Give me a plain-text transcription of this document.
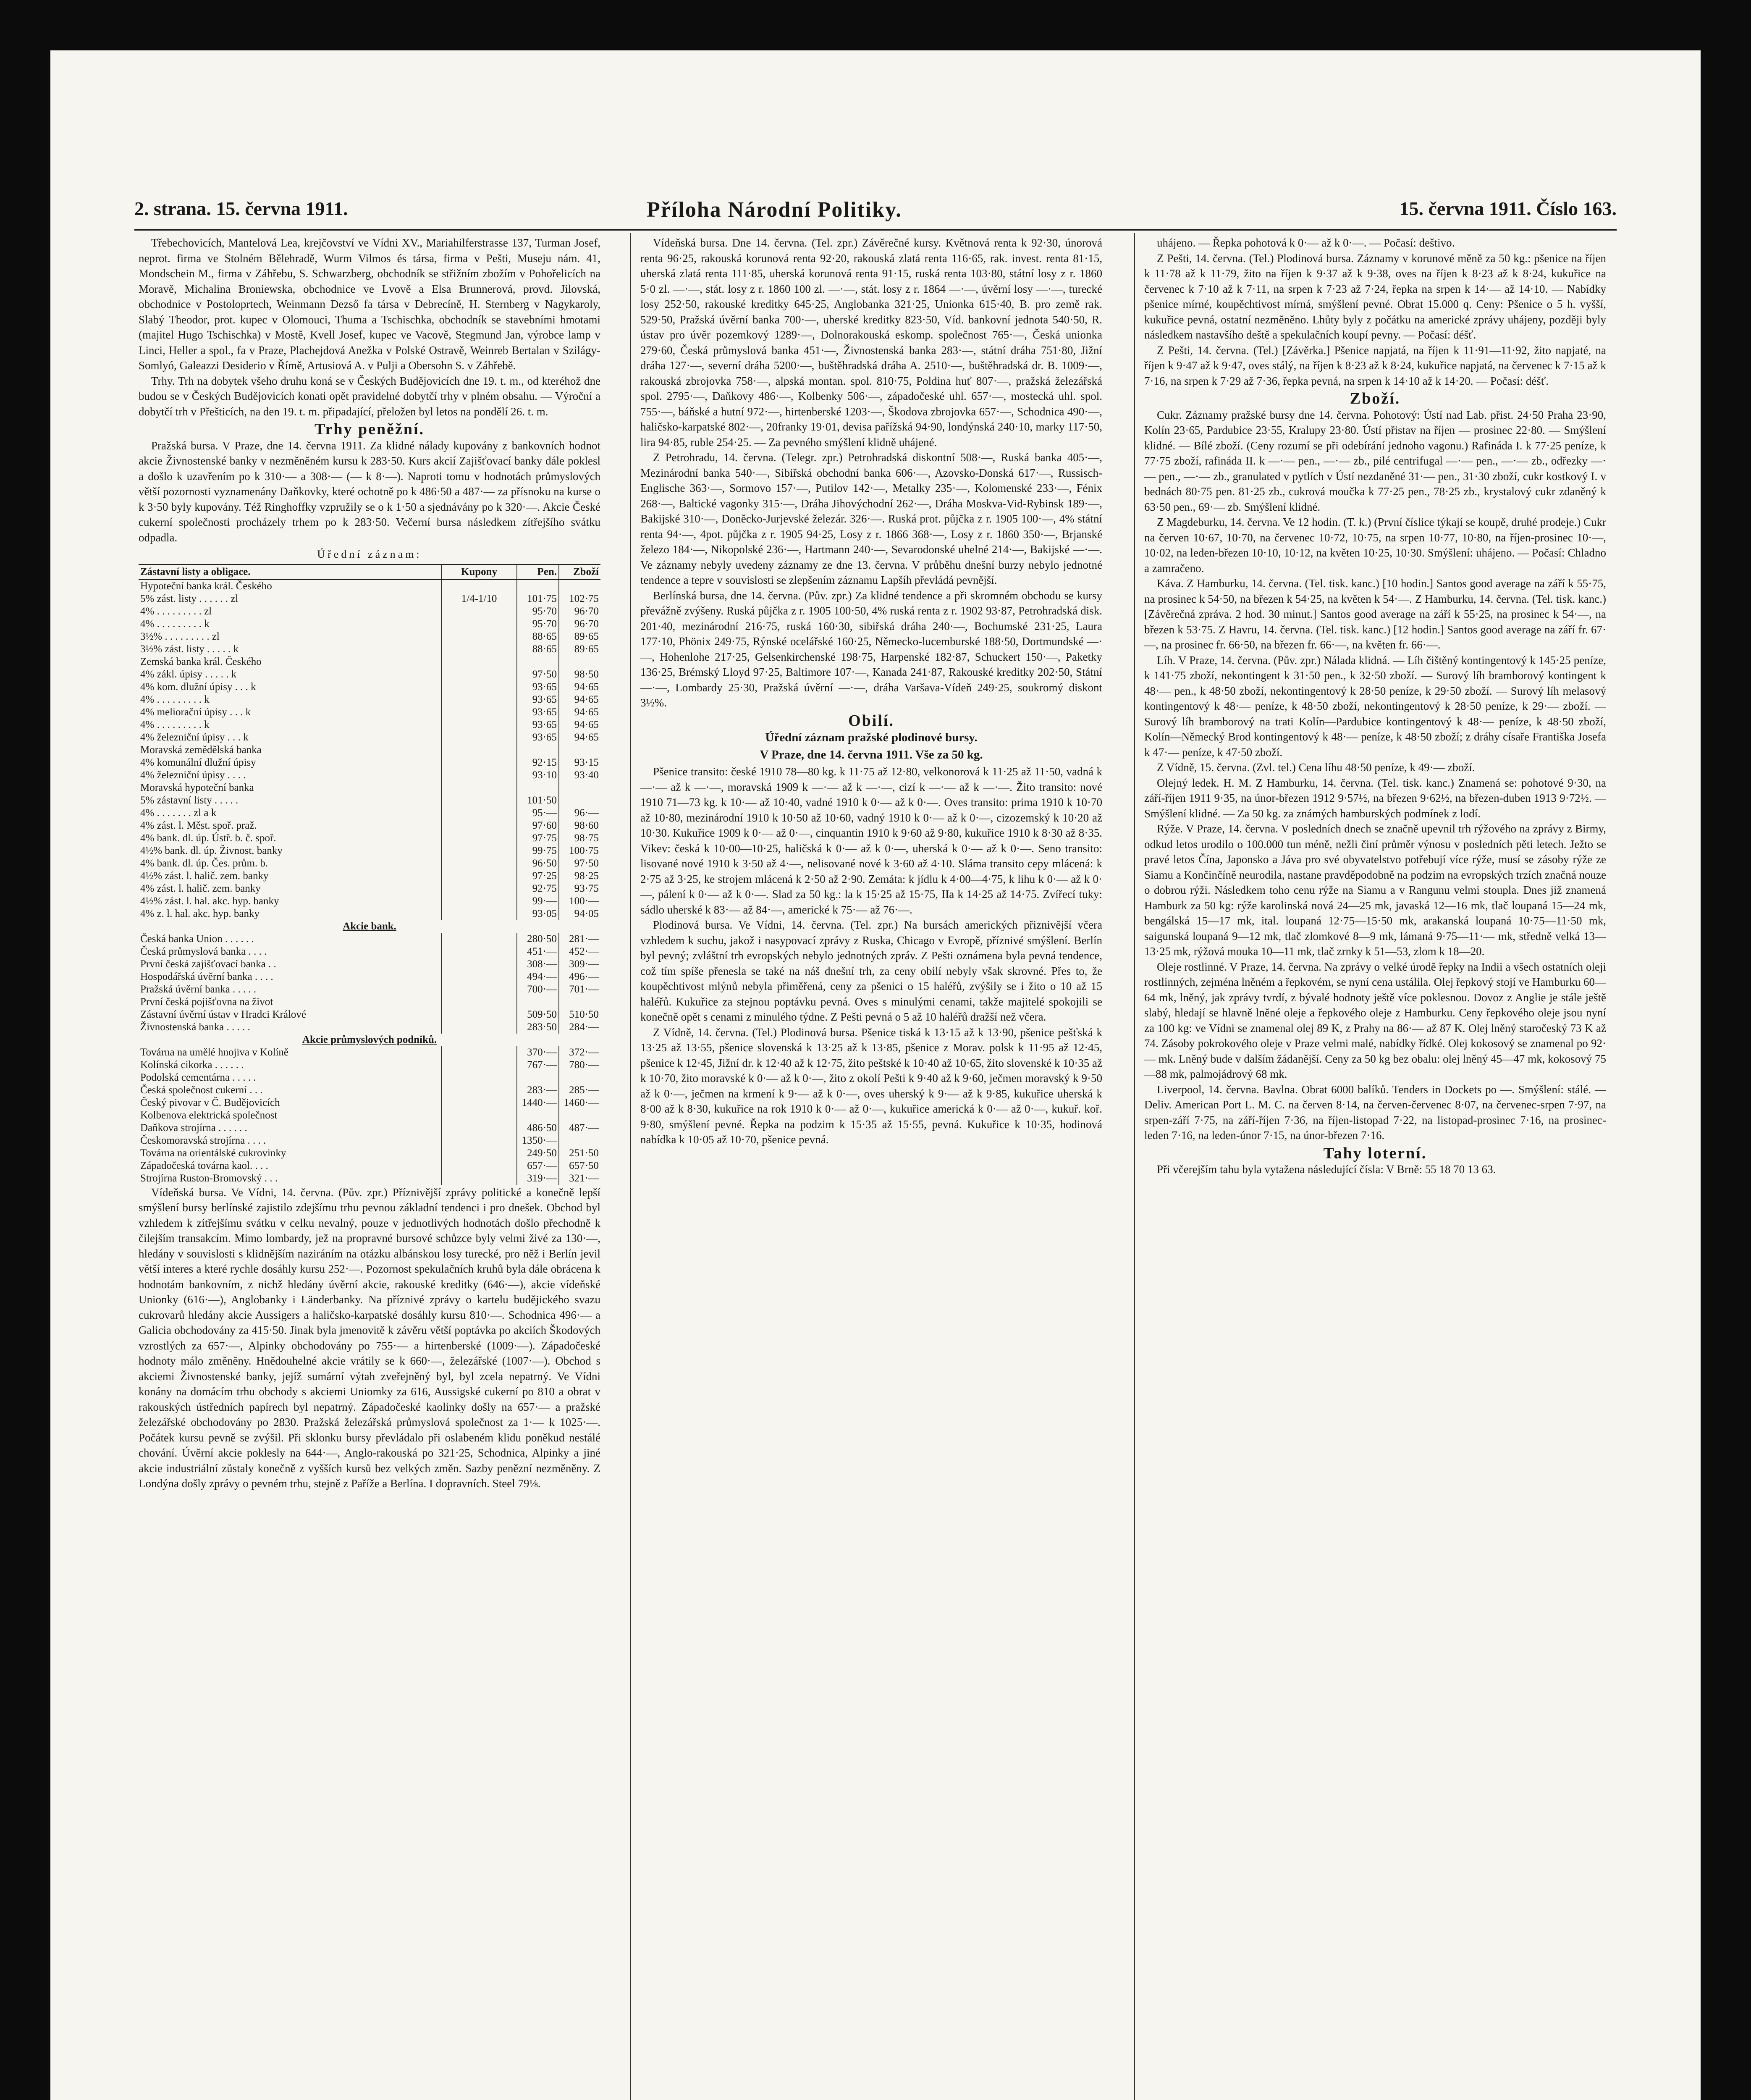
2. strana. 15. června 1911.	Příloha Národní Politiky.	15. června 1911. Číslo 163.

Třebechovicích, Mantelová Lea, krejčovství ve Vídni XV., Mariahilferstrasse 137, Turman Josef, neprot. firma ve Stolném Bělehradě, Wurm Vilmos és társa, firma v Pešti, Museju nám. 41, Mondschein M., firma v Záhřebu, S. Schwarzberg, obchodník se střižním zbožím v Pohořelicích na Moravě, Michalina Broniewska, obchodnice ve Lvově a Elsa Brunnerová, provd. Jilovská, obchodnice v Postoloprtech, Weinmann Dezső fa társa v Debrecíně, H. Sternberg v Nagykaroly, Slabý Theodor, prot. kupec v Olomouci, Thuma a Tschischka, obchodník se stavebními hmotami (majitel Hugo Tschischka) v Mostě, Kvell Josef, kupec ve Vacově, Stegmund Jan, výrobce lamp v Linci, Heller a spol., fa v Praze, Plachejdová Anežka v Polské Ostravě, Weinreb Bertalan v Szilágy-Somlyó, Galeazzi Desiderio v Římě, Artusiová A. v Pulji a Obersohn S. v Záhřebě.

Trhy. Trh na dobytek všeho druhu koná se v Českých Budějovicích dne 19. t. m., od kteréhož dne budou se v Českých Budějovicích konati opět pravidelné dobytčí trhy v plném obsahu. — Výroční a dobytčí trh v Přešticích, na den 19. t. m. připadající, přeložen byl letos na pondělí 26. t. m.

Trhy peněžní.

Pražská bursa. V Praze, dne 14. června 1911. Za klidné nálady kupovány z bankovních hodnot akcie Živnostenské banky v nezměněném kursu k 283·50. Kurs akcií Zajišťovací banky dále poklesl a došlo k uzavřením po k 310·— a 308·— (— k 8·—). Naproti tomu v hodnotách průmyslových větší pozornosti vyznamenány Daňkovky, které ochotně po k 486·50 a 487·— za přísnoku na kurse o k 3·50 byly kupovány. Též Ringhoffky vzpružily se o k 1·50 a sjednávány po k 320·—. Akcie České cukerní společnosti procházely trhem po k 283·50. Večerní bursa následkem zítřejšího svátku odpadla.

Úřední záznam:
Zástavní listy a obligace.	Kupony	Pen.	Zboží
Hypoteční banka král. Českého			
5% zást. listy . . . . . . zl	1/4-1/10	101·75	102·75
4% . . . . . . . . . zl		95·70	96·70
4% . . . . . . . . . k		95·70	96·70
3½% . . . . . . . . . zl		88·65	89·65
3½% zást. listy . . . . . k		88·65	89·65
Zemská banka král. Českého			
4% zákl. úpisy . . . . . k		97·50	98·50
4% kom. dlužní úpisy . . . k		93·65	94·65
4% . . . . . . . . . k		93·65	94·65
4% meliorační úpisy . . . k		93·65	94·65
4% . . . . . . . . . k		93·65	94·65
4% železniční úpisy . . . k		93·65	94·65
Moravská zemědělská banka			
4% komunální dlužní úpisy		92·15	93·15
4% železniční úpisy . . . .		93·10	93·40
Moravská hypoteční banka			
5% zástavní listy . . . . .		101·50	
4% . . . . . . . zl a k		95·—	96·—
4% zást. l. Měst. spoř. praž.		97·60	98·60
4% bank. dl. úp. Ústř. b. č. spoř.		97·75	98·75
4½% bank. dl. úp. Živnost. banky		99·75	100·75
4% bank. dl. úp. Čes. prům. b.		96·50	97·50
4½% zást. l. halič. zem. banky		97·25	98·25
4% zást. l. halič. zem. banky		92·75	93·75
4½% zást. l. hal. akc. hyp. banky		99·—	100·—
4% z. l. hal. akc. hyp. banky		93·05	94·05
Akcie bank.			
Česká banka Union . . . . . .		280·50	281·—
Česká průmyslová banka . . . .		451·—	452·—
První česká zajišťovací banka . .		308·—	309·—
Hospodářská úvěrní banka . . . .		494·—	496·—
Pražská úvěrní banka . . . . .		700·—	701·—
První česká pojišťovna na život			
Zástavní úvěrní ústav v Hradci Králové		509·50	510·50
Živnostenská banka . . . . .		283·50	284·—
Akcie průmyslových podniků.			
Továrna na umělé hnojiva v Kolíně		370·—	372·—
Kolínská cikorka . . . . . .		767·—	780·—
Podolská cementárna . . . . .			
Česká společnost cukerní . . .		283·—	285·—
Český pivovar v Č. Budějovicích		1440·—	1460·—
Kolbenova elektrická společnost			
Daňkova strojírna . . . . . .		486·50	487·—
Českomoravská strojírna . . . .		1350·—	
Továrna na orientálské cukrovinky		249·50	251·50
Západočeská továrna kaol. . . .		657·—	657·50
Strojírna Ruston-Bromovský . . .		319·—	321·—

Vídeňská bursa. Ve Vídni, 14. června. (Pův. zpr.) Příznivější zprávy politické a konečně lepší smýšlení bursy berlínské zajistilo zdejšímu trhu pevnou základní tendenci i pro dnešek. Obchod byl vzhledem k zítřejšímu svátku v celku nevalný, pouze v jednotlivých hodnotách došlo přechodně k čilejším transakcím. Mimo lombardy, jež na propravné bursové schůzce byly velmi živé za 130·—, hledány v souvislosti s klidnějším naziráním na otázku albánskou losy turecké, pro něž i Berlín jevil větší interes a které rychle dosáhly kursu 252·—. Pozornost spekulačních kruhů byla dále obrácena k hodnotám bankovním, z nichž hledány úvěrní akcie, rakouské kreditky (646·—), akcie vídeňské Unionky (616·—), Anglobanky i Länderbanky. Na příznivé zprávy o kartelu budějického svazu cukrovarů hledány akcie Aussigers a haličsko-karpatské dosáhly kursu 810·—. Schodnica 496·— a Galicia obchodovány za 415·50. Jinak byla jmenovitě k závěru větší poptávka po akciích Škodových vzrostlých za 657·—, Alpinky obchodovány po 755·— a hirtenberské (1009·—). Západočeské hodnoty málo změněny. Hnědouhelné akcie vrátily se k 660·—, železářské (1007·—). Obchod s akciemi Živnostenské banky, jejíž sumární výtah zveřejněný byl, byl zcela nepatrný. Ve Vídni konány na domácím trhu obchody s akciemi Uniomky za 616, Aussigské cukerní po 810 a obrat v rakouských ústředních papírech byl nepatrný. Západočeské kaolinky došly na 657·— a pražské železářské obchodovány po 2830. Pražská železářská průmyslová společnost za 1·— k 1025·—. Počátek kursu pevně se zvýšil. Při sklonku bursy převládalo při oslabeném klidu poněkud nestálé chování. Úvěrní akcie poklesly na 644·—, Anglo-rakouská po 321·25, Schodnica, Alpinky a jiné akcie industriální zůstaly konečně z vyšších kursů bez velkých změn. Sazby penězní nezměněny. Z Londýna došly zprávy o pevném trhu, stejně z Paříže a Berlína. I dopravních. Steel 79⅛.

Vídeňská bursa. Dne 14. června. (Tel. zpr.) Závěrečné kursy. Květnová renta k 92·30, únorová renta 96·25, rakouská korunová renta 92·20, rakouská zlatá renta 116·65, rak. invest. renta 81·15, uherská zlatá renta 111·85, uherská korunová renta 91·15, ruská renta 103·80, státní losy z r. 1860 5·0 zl. —·—, stát. losy z r. 1860 100 zl. —·—, stát. losy z r. 1864 —·—, úvěrní losy —·—, turecké losy 252·50, rakouské kreditky 645·25, Anglobanka 321·25, Unionka 615·40, B. pro země rak. 529·50, Pražská úvěrní banka 700·—, uherské kreditky 823·50, Víd. bankovní jednota 540·50, R. ústav pro úvěr pozemkový 1289·—, Dolnorakouská eskomp. společnost 765·—, Česká unionka 279·60, Česká průmyslová banka 451·—, Živnostenská banka 283·—, státní dráha 751·80, Jižní dráha 127·—, severní dráha 5200·—, buštěhradská dráha A. 2510·—, buštěhradská dr. B. 1009·—, rakouská zbrojovka 758·—, alpská montan. spol. 810·75, Poldina huť 807·—, pražská železářská spol. 2795·—, Daňkovy 486·—, Kolbenky 506·—, západočeské uhl. 657·—, mostecká uhl. spol. 755·—, báňské a hutní 972·—, hirtenberské 1203·—, Škodova zbrojovka 657·—, Schodnica 490·—, haličsko-karpatské 802·—, 20franky 19·01, devisa pařížská 94·90, londýnská 240·10, marky 117·50, lira 94·85, ruble 254·25. — Za pevného smýšlení klidně uhájené.

Z Petrohradu, 14. června. (Telegr. zpr.) Petrohradská diskontní 508·—, Ruská banka 405·—, Mezinárodní banka 540·—, Sibiřská obchodní banka 606·—, Azovsko-Donská 617·—, Russisch-Englische 363·—, Sormovo 157·—, Putilov 142·—, Metalky 235·—, Kolomenské 233·—, Fénix 268·—, Baltické vagonky 315·—, Dráha Jihovýchodní 262·—, Dráha Moskva-Vid-Rybinsk 189·—, Bakijské 310·—, Doněcko-Jurjevské železár. 326·—. Ruská prot. půjčka z r. 1905 100·—, 4% státní renta 94·—, 4pot. půjčka z r. 1905 94·25, Losy z r. 1866 368·—, Losy z r. 1860 350·—, Brjanské železo 184·—, Nikopolské 236·—, Hartmann 240·—, Sevarodonské uhelné 214·—, Bakijské —·—. Ve záznamy nebyly uvedeny záznamy ze dne 13. června. V průběhu dnešní burzy nebylo jednotné tendence a tepre v souvislosti se zlepšením záznamu Lapšíh převládá pevnější.

Berlínská bursa, dne 14. června. (Pův. zpr.) Za klidné tendence a při skromném obchodu se kursy převážně zvýšeny. Ruská půjčka z r. 1905 100·50, 4% ruská renta z r. 1902 93·87, Petrohradská disk. 201·40, mezinárodní 216·75, ruská 160·30, sibiřská dráha 240·—, Bochumské 231·25, Laura 177·10, Phönix 249·75, Rýnské ocelářské 160·25, Německo-lucemburské 188·50, Dortmundské —·—, Hohenlohe 217·25, Gelsenkirchenské 198·75, Harpenské 182·87, Schuckert 150·—, Paketky 136·25, Brémský Lloyd 97·25, Baltimore 107·—, Kanada 241·87, Rakouské kreditky 202·50, Státní —·—, Lombardy 25·30, Pražská úvěrní —·—, dráha Varšava-Vídeň 249·25, soukromý diskont 3½%.

Obilí.
Úřední záznam pražské plodinové bursy.
V Praze, dne 14. června 1911. Vše za 50 kg.

Pšenice transito: české 1910 78—80 kg. k 11·75 až 12·80, velkonorová k 11·25 až 11·50, vadná k —·— až k —·—, moravská 1909 k —·— až k —·—, cizí k —·— až k —·—. Žito transito: nové 1910 71—73 kg. k 10·— až 10·40, vadné 1910 k 0·— až k 0·—. Oves transito: prima 1910 k 10·70 až 10·80, mezinárodní 1910 k 10·50 až 10·60, vadný 1910 k 0·— až k 0·—, cizozemský k 10·20 až 10·30. Kukuřice 1909 k 0·— až 0·—, cinquantin 1910 k 9·60 až 9·80, kukuřice 1910 k 8·30 až 8·35. Vikev: česká k 10·00—10·25, haličská k 0·— až k 0·—, uherská k 0·— až k 0·—. Seno transito: lisované nové 1910 k 3·50 až 4·—, nelisované nové k 3·60 až 4·10. Sláma transito cepy mlácená: k 2·75 až 3·25, ke strojem mlácená k 2·50 až 2·90. Zemáta: k jídlu k 4·00—4·75, k lihu k 0·— až k 0·—, pálení k 0·— až k 0·—. Slad za 50 kg.: la k 15·25 až 15·75, IIa k 14·25 až 14·75. Zvířecí tuky: sádlo uherské k 83·— až 84·—, americké k 75·— až 76·—.

Plodinová bursa. Ve Vídni, 14. června. (Tel. zpr.) Na bursách amerických přiznivější včera vzhledem k suchu, jakož i nasypovací zprávy z Ruska, Chicago v Evropě, příznivé smýšlení. Berlín byl pevný; zvláštní trh evropských nebylo jednotných zpráv. Z Pešti oznámena byla pevná tendence, což tím spíše přenesla se také na náš dnešní trh, za ceny obilí nebyly však skrovné. Přes to, že koupěchtivost mlýnů nebyla přiměřená, ceny za pšenici o 15 haléřů, zvýšily se i žito o 10 až 15 haléřů. Kukuřice za stejnou poptávku pevná. Oves s minulými cenami, takže majitelé spokojili se konečně opět s cenami z minulého týdne. Z Pešti pevná o 5 až 10 haléřů dražší než včera.

Z Vídně, 14. června. (Tel.) Plodinová bursa. Pšenice tiská k 13·15 až k 13·90, pšenice pešťská k 13·25 až 13·55, pšenice slovenská k 13·25 až k 13·85, pšenice z Morav. polsk k 11·95 až 12·45, pšenice k 12·45, Jižní dr. k 12·40 až k 12·75, žito peštské k 10·40 až 10·65, žito slovenské k 10·35 až k 10·70, žito moravské k 0·— až k 0·—, žito z okolí Pešti k 9·40 až k 9·60, ječmen moravský k 9·50 až k 0·—, ječmen na krmení k 9·— až k 0·—, oves uherský k 9·— až k 9·85, kukuřice uherská k 8·00 až k 8·30, kukuřice na rok 1910 k 0·— až 0·—, kukuřice americká k 0·— až 0·—, kukuř. koř. 9·80, smýšlení pevné. Řepka na podzim k 15·35 až 15·55, pevná. Kukuřice k 10·35, hodinová nabídka k 10·05 až 10·70, pšenice pevná.

uhájeno. — Řepka pohotová k 0·— až k 0·—. — Počasí: deštivo.

Z Pešti, 14. června. (Tel.) Plodinová bursa. Záznamy v korunové měně za 50 kg.: pšenice na říjen k 11·78 až k 11·79, žito na říjen k 9·37 až k 9·38, oves na říjen k 8·23 až k 8·24, kukuřice na červenec k 7·10 až k 7·11, na srpen k 7·23 až 7·24, řepka na srpen k 14·— až 14·10. — Nabídky pšenice mírné, koupěchtivost mírná, smýšlení pevné. Obrat 15.000 q. Ceny: Pšenice o 5 h. vyšší, kukuřice pevná, ostatní nezměněno. Lhůty byly z počátku na americké zprávy uhájeny, později byly následkem nastavšího deště a spekulačních koupí pevny. — Počasí: déšť.

Z Pešti, 14. června. (Tel.) [Závěrka.] Pšenice napjatá, na říjen k 11·91—11·92, žito napjaté, na říjen k 9·47 až k 9·47, oves stálý, na říjen k 8·23 až k 8·24, kukuřice napjatá, na červenec k 7·15 až k 7·16, na srpen k 7·29 až 7·36, řepka pevná, na srpen k 14·10 až k 14·20. — Počasí: déšť.

Zboží.

Cukr. Záznamy pražské bursy dne 14. června. Pohotový: Ústí nad Lab. přist. 24·50 Praha 23·90, Kolín 23·65, Pardubice 23·55, Kralupy 23·80. Ústí přistav na říjen — prosinec 22·80. — Smýšlení klidné. — Bílé zboží. (Ceny rozumí se při odebírání jednoho vagonu.) Rafináda I. k 77·25 peníze, k 77·75 zboží, rafináda II. k —·— pen., —·— zb., pilé centrifugal —·— pen., —·— zb., odřezky —·— pen., —·— zb., granulated v pytlích v Ústí nezdaněné 31·— pen., 31·30 zboží, cukr kostkový I. v bednách 80·75 pen. 81·25 zb., cukrová moučka k 77·25 pen., 78·25 zb., krystalový cukr zdaněný k 63·50 pen., 69·— zb. Smýšlení klidné.

Z Magdeburku, 14. června. Ve 12 hodin. (T. k.) (První číslice týkají se koupě, druhé prodeje.) Cukr na červen 10·67, 10·70, na červenec 10·72, 10·75, na srpen 10·77, 10·80, na říjen-prosinec 10·—, 10·02, na leden-březen 10·10, 10·12, na květen 10·25, 10·30. Smýšlení: uhájeno. — Počasí: Chladno a zamračeno.

Káva. Z Hamburku, 14. června. (Tel. tisk. kanc.) [10 hodin.] Santos good average na září k 55·75, na prosinec k 54·50, na březen k 54·25, na květen k 54·—. Z Hamburku, 14. června. (Tel. tisk. kanc.) [Závěrečná zpráva. 2 hod. 30 minut.] Santos good average na září k 55·25, na prosinec k 54·—, na březen k 53·75. Z Havru, 14. června. (Tel. tisk. kanc.) [12 hodin.] Santos good average na září fr. 67·—, na prosinec fr. 66·50, na březen fr. 66·—, na květen fr. 66·—.

Líh. V Praze, 14. června. (Pův. zpr.) Nálada klidná. — Líh čištěný kontingentový k 145·25 peníze, k 141·75 zboží, nekontingent k 31·50 pen., k 32·50 zboží. — Surový líh bramborový kontingent k 48·— pen., k 48·50 zboží, nekontingentový k 28·50 peníze, k 29·50 zboží. — Surový líh melasový kontingentový k 48·— peníze, k 48·50 zboží, nekontingentový k 28·50 peníze, k 29·— zboží. — Surový líh bramborový na trati Kolín—Pardubice kontingentový k 48·— peníze, k 48·50 zboží, Kolín—Německý Brod kontingentový k 48·— peníze, k 48·50 zboží; z dráhy císaře Františka Josefa k 47·— peníze, k 47·50 zboží.

Z Vídně, 15. června. (Zvl. tel.) Cena líhu 48·50 peníze, k 49·— zboží.

Olejný ledek. H. M. Z Hamburku, 14. června. (Tel. tisk. kanc.) Znamená se: pohotové 9·30, na září-říjen 1911 9·35, na únor-březen 1912 9·57½, na březen 9·62½, na březen-duben 1913 9·72½. — Smýšlení klidné. — Za 50 kg. za známých hamburských podmínek z lodí.

Rýže. V Praze, 14. června. V posledních dnech se značně upevnil trh rýžového na zprávy z Birmy, odkud letos urodilo o 100.000 tun méně, nežli činí průměr výnosu v posledních pěti letech. Ježto se pravé letos Čína, Japonsko a Jáva pro své obyvatelstvo potřebují více rýže, musí se zásoby rýže ze Siamu a Končinčíně neurodila, nastane pravděpodobně na podzim na evropských trzích značná nouze o dobrou rýži. Následkem toho cenu rýže na Siamu a v Rangunu velmi stoupla. Dnes již znamená Hamburk za 50 kg: rýže karolinská nová 24—25 mk, javaská 12—16 mk, tlač loupaná 15—24 mk, bengálská 15—17 mk, ital. loupaná 12·75—15·50 mk, arakanská loupaná 10·75—11·50 mk, saigunská loupaná 9—12 mk, tlač zlomkové 8—9 mk, lámaná 9·75—11·— mk, středně velká 13—13·25 mk, rýžová mouka 10—11 mk, tlač zrnky k 51—53, zlom k 18—20.

Oleje rostlinné. V Praze, 14. června. Na zprávy o velké úrodě řepky na Indii a všech ostatních oleji rostlinných, zejména lněném a řepkovém, se nyní cena ustálila. Olej řepkový stojí ve Hamburku 60—64 mk, lněný, jak zprávy tvrdí, z bývalé hodnoty ještě více poklesnou. Dovoz z Anglie je stále ještě slabý, hledají se hlavně lněné oleje a řepkového oleje z Hamburku. Ceny řepkového oleje jsou nyní za 100 kg: ve Vídni se znamenal olej 89 K, z Prahy na 86·— až 87 K. Olej lněný staročeský 73 K až 74. Zásoby pokrokového oleje v Praze velmi malé, nabídky řídké. Olej kokosový se znamenal po 92·— mk. Lněný bude v dalším žádanější. Ceny za 50 kg bez obalu: olej lněný 45—47 mk, kokosový 75—88 mk, palmojádrový 68 mk.

Liverpool, 14. června. Bavlna. Obrat 6000 balíků. Tenders in Dockets po —. Smýšlení: stálé. — Deliv. American Port L. M. C. na červen 8·14, na červen-červenec 8·07, na červenec-srpen 7·97, na srpen-září 7·75, na září-říjen 7·36, na říjen-listopad 7·22, na listopad-prosinec 7·16, na prosinec-leden 7·16, na leden-únor 7·15, na únor-březen 7·16.

Tahy loterní.

Při včerejším tahu byla vytažena následující čísla: V Brně: 55 18 70 13 63.
